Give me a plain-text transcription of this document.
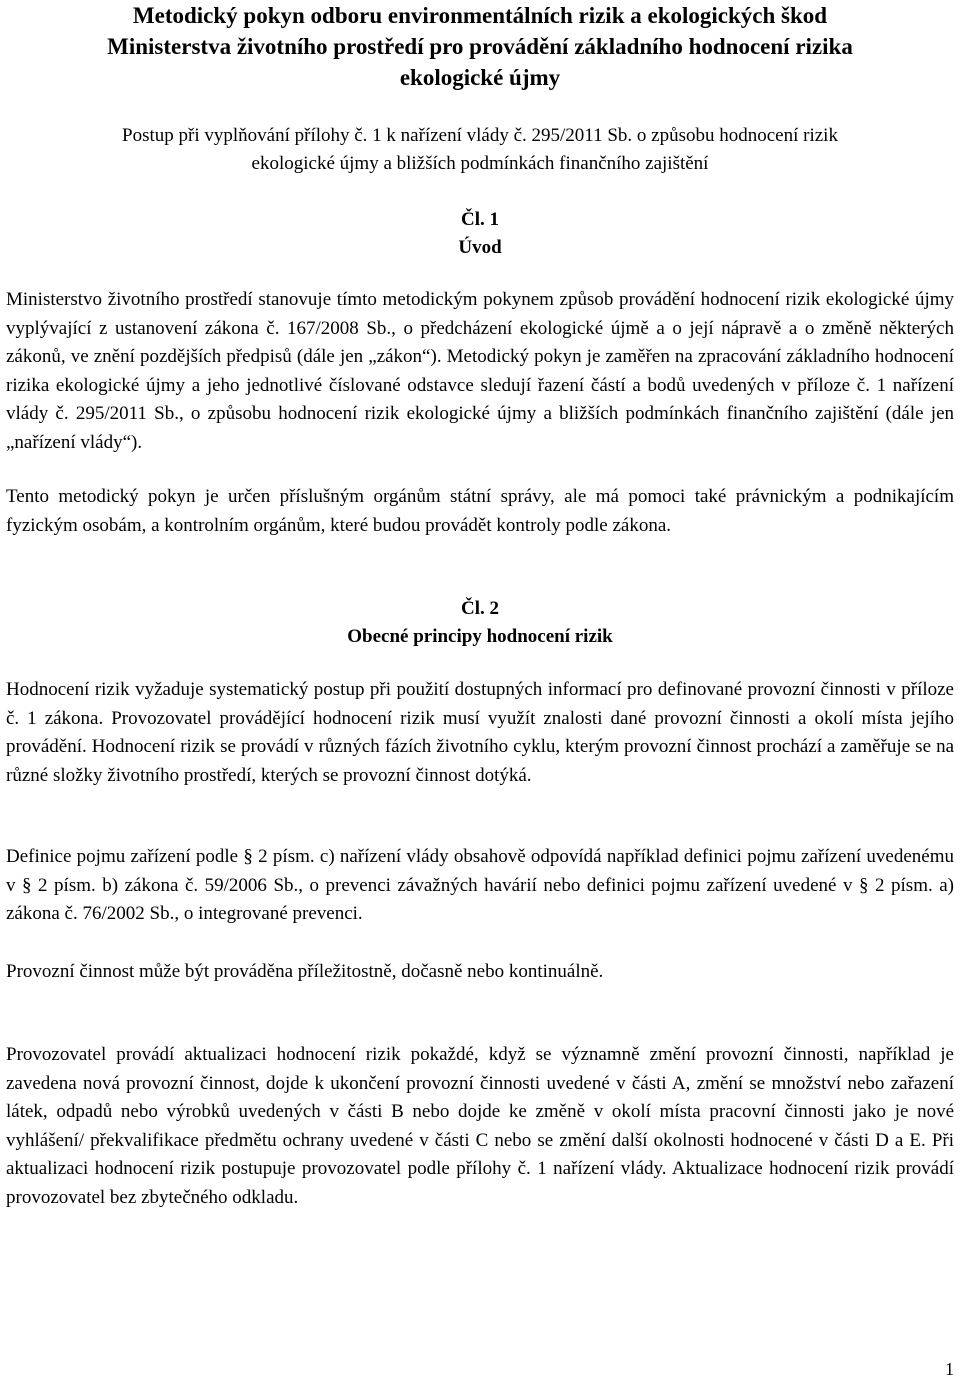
Metodický pokyn odboru environmentálních rizik a ekologických škod
Ministerstva životního prostředí pro provádění základního hodnocení rizika
ekologické újmy
Postup při vyplňování přílohy č. 1 k nařízení vlády č. 295/2011 Sb. o způsobu hodnocení rizik
ekologické újmy a bližších podmínkách finančního zajištění
Čl. 1
Úvod

Ministerstvo životního prostředí stanovuje tímto metodickým pokynem způsob provádění hodnocení rizik ekologické újmy vyplývající z ustanovení zákona č. 167/2008 Sb., o předcházení ekologické újmě a o její nápravě a o změně některých zákonů, ve znění pozdějších předpisů (dále jen „zákon“). Metodický pokyn je zaměřen na zpracování základního hodnocení rizika ekologické újmy a jeho jednotlivé číslované odstavce sledují řazení částí a bodů uvedených v příloze č. 1 nařízení vlády č. 295/2011 Sb., o způsobu hodnocení rizik ekologické újmy a bližších podmínkách finančního zajištění (dále jen „nařízení vlády“).

Tento metodický pokyn je určen příslušným orgánům státní správy, ale má pomoci také právnickým a podnikajícím fyzickým osobám, a kontrolním orgánům, které budou provádět kontroly podle zákona.

Čl. 2
Obecné principy hodnocení rizik

Hodnocení rizik vyžaduje systematický postup při použití dostupných informací pro definované provozní činnosti v příloze č. 1 zákona. Provozovatel provádějící hodnocení rizik musí využít znalosti dané provozní činnosti a okolí místa jejího provádění. Hodnocení rizik se provádí v různých fázích životního cyklu, kterým provozní činnost prochází a zaměřuje se na různé složky životního prostředí, kterých se provozní činnost dotýká.

Definice pojmu zařízení podle § 2 písm. c) nařízení vlády obsahově odpovídá například definici pojmu zařízení uvedenému v § 2 písm. b) zákona č. 59/2006 Sb., o prevenci závažných havárií nebo definici pojmu zařízení uvedené v § 2 písm. a) zákona č. 76/2002 Sb., o integrované prevenci.

Provozní činnost může být prováděna příležitostně, dočasně nebo kontinuálně.

Provozovatel provádí aktualizaci hodnocení rizik pokaždé, když se významně změní provozní činnosti, například je zavedena nová provozní činnost, dojde k ukončení provozní činnosti uvedené v části A, změní se množství nebo zařazení látek, odpadů nebo výrobků uvedených v části B nebo dojde ke změně v okolí místa pracovní činnosti jako je nové vyhlášení/ překvalifikace předmětu ochrany uvedené v části C nebo se změní další okolnosti hodnocené v části D a E. Při aktualizaci hodnocení rizik postupuje provozovatel podle přílohy č. 1 nařízení vlády. Aktualizace hodnocení rizik provádí provozovatel bez zbytečného odkladu.

1
